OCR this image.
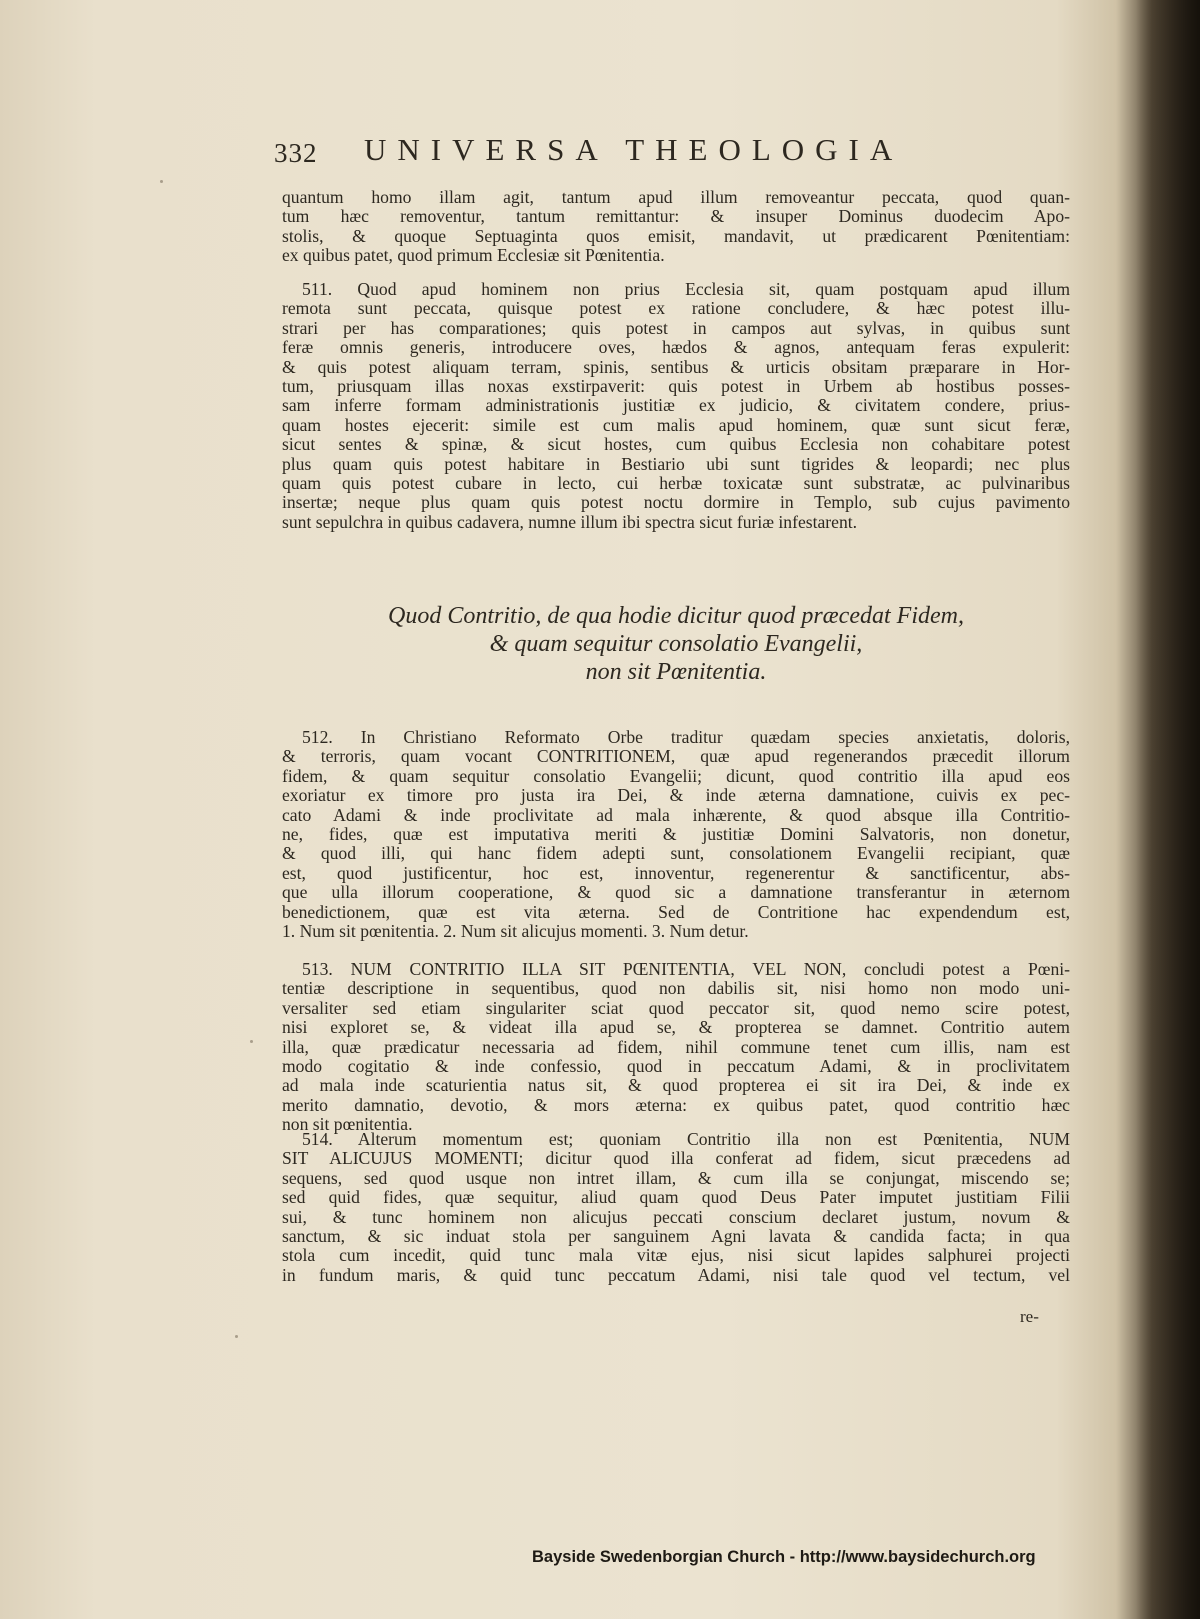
332 UNIVERSA THEOLOGIA
quantum homo illam agit, tantum apud illum removeantur peccata, quod quan-
tum hæc removentur, tantum remittantur: & insuper Dominus duodecim Apo-
stolis, & quoque Septuaginta quos emisit, mandavit, ut prædicarent Pœnitentiam:
ex quibus patet, quod primum Ecclesiæ sit Pœnitentia.
511. Quod apud hominem non prius Ecclesia sit, quam postquam apud illum
remota sunt peccata, quisque potest ex ratione concludere, & hæc potest illu-
strari per has comparationes; quis potest in campos aut sylvas, in quibus sunt
feræ omnis generis, introducere oves, hædos & agnos, antequam feras expulerit:
& quis potest aliquam terram, spinis, sentibus & urticis obsitam præparare in Hor-
tum, priusquam illas noxas exstirpaverit: quis potest in Urbem ab hostibus posses-
sam inferre formam administrationis justitiæ ex judicio, & civitatem condere, prius-
quam hostes ejecerit: simile est cum malis apud hominem, quæ sunt sicut feræ,
sicut sentes & spinæ, & sicut hostes, cum quibus Ecclesia non cohabitare potest
plus quam quis potest habitare in Bestiario ubi sunt tigrides & leopardi; nec plus
quam quis potest cubare in lecto, cui herbæ toxicatæ sunt substratæ, ac pulvinaribus
insertæ; neque plus quam quis potest noctu dormire in Templo, sub cujus pavimento
sunt sepulchra in quibus cadavera, numne illum ibi spectra sicut furiæ infestarent.
Quod Contritio, de qua hodie dicitur quod præcedat Fidem,
& quam sequitur consolatio Evangelii,
non sit Pœnitentia.
512. In Christiano Reformato Orbe traditur quædam species anxietatis, doloris,
& terroris, quam vocant CONTRITIONEM, quæ apud regenerandos præcedit illorum
fidem, & quam sequitur consolatio Evangelii; dicunt, quod contritio illa apud eos
exoriatur ex timore pro justa ira Dei, & inde æterna damnatione, cuivis ex pec-
cato Adami & inde proclivitate ad mala inhærente, & quod absque illa Contritio-
ne, fides, quæ est imputativa meriti & justitiæ Domini Salvatoris, non donetur,
& quod illi, qui hanc fidem adepti sunt, consolationem Evangelii recipiant, quæ
est, quod justificentur, hoc est, innoventur, regenerentur & sanctificentur, abs-
que ulla illorum cooperatione, & quod sic a damnatione transferantur in æternom
benedictionem, quæ est vita æterna. Sed de Contritione hac expendendum est,
1. Num sit pœnitentia. 2. Num sit alicujus momenti. 3. Num detur.
513. NUM CONTRITIO ILLA SIT PŒNITENTIA, VEL NON, concludi potest a Pœni-
tentiæ descriptione in sequentibus, quod non dabilis sit, nisi homo non modo uni-
versaliter sed etiam singulariter sciat quod peccator sit, quod nemo scire potest,
nisi exploret se, & videat illa apud se, & propterea se damnet. Contritio autem
illa, quæ prædicatur necessaria ad fidem, nihil commune tenet cum illis, nam est
modo cogitatio & inde confessio, quod in peccatum Adami, & in proclivitatem
ad mala inde scaturientia natus sit, & quod propterea ei sit ira Dei, & inde ex
merito damnatio, devotio, & mors æterna: ex quibus patet, quod contritio hæc
non sit pœnitentia.
514. Alterum momentum est; quoniam Contritio illa non est Pœnitentia, NUM
SIT ALICUJUS MOMENTI; dicitur quod illa conferat ad fidem, sicut præcedens ad
sequens, sed quod usque non intret illam, & cum illa se conjungat, miscendo se;
sed quid fides, quæ sequitur, aliud quam quod Deus Pater imputet justitiam Filii
sui, & tunc hominem non alicujus peccati conscium declaret justum, novum &
sanctum, & sic induat stola per sanguinem Agni lavata & candida facta; in qua
stola cum incedit, quid tunc mala vitæ ejus, nisi sicut lapides salphurei projecti
in fundum maris, & quid tunc peccatum Adami, nisi tale quod vel tectum, vel
re-
Bayside Swedenborgian Church - http://www.baysidechurch.org
